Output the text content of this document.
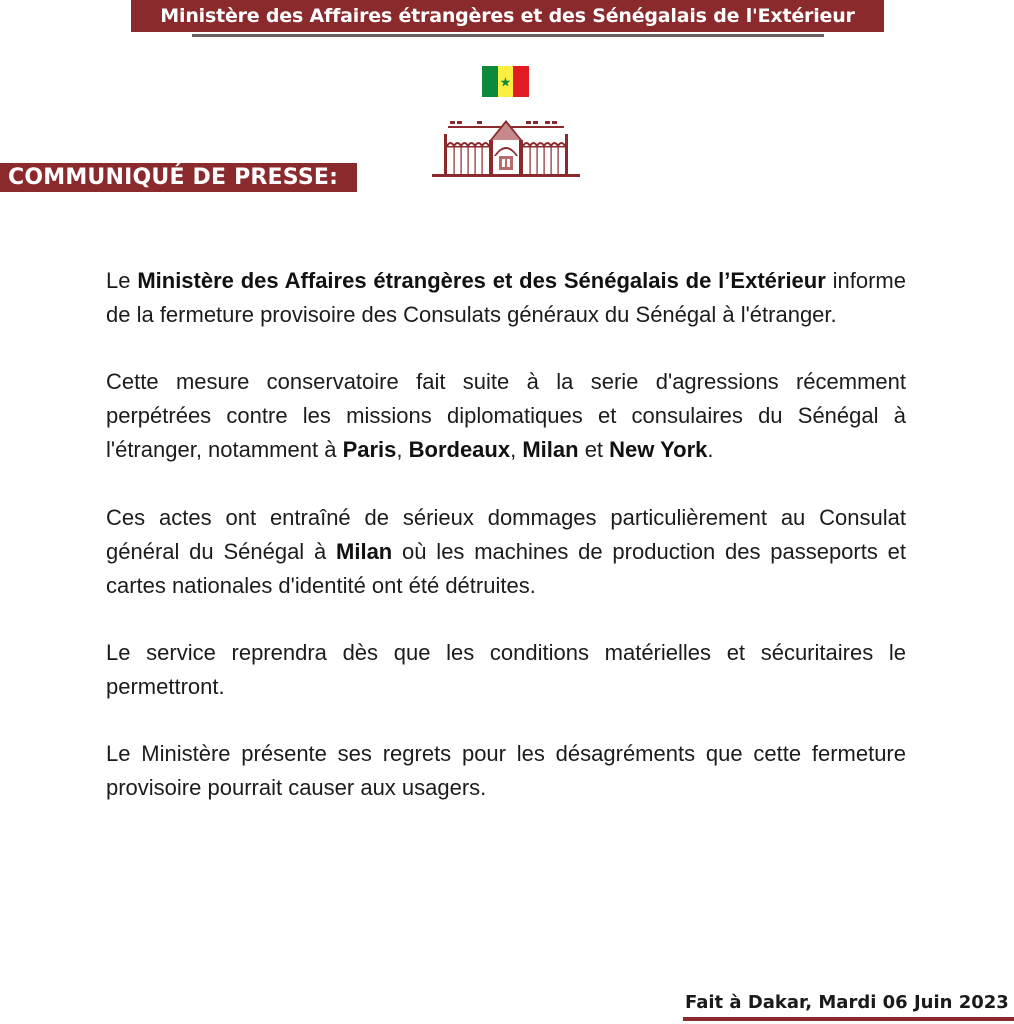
Ministère des Affaires étrangères et des Sénégalais de l'Extérieur
★
COMMUNIQUÉ DE PRESSE:

Le Ministère des Affaires étrangères et des Sénégalais de l’Extérieur informe de la fermeture provisoire des Consulats généraux du Sénégal à l'étranger.

Cette mesure conservatoire fait suite à la serie d'agressions récemment perpétrées contre les missions diplomatiques et consulaires du Sénégal à l'étranger, notamment à Paris, Bordeaux, Milan et New York.

Ces actes ont entraîné de sérieux dommages particulièrement au Consulat général du Sénégal à Milan où les machines de production des passeports et cartes nationales d'identité ont été détruites.

Le service reprendra dès que les conditions matérielles et sécuritaires le permettront.

Le Ministère présente ses regrets pour les désagréments que cette fermeture provisoire pourrait causer aux usagers.

Fait à Dakar, Mardi 06 Juin 2023
